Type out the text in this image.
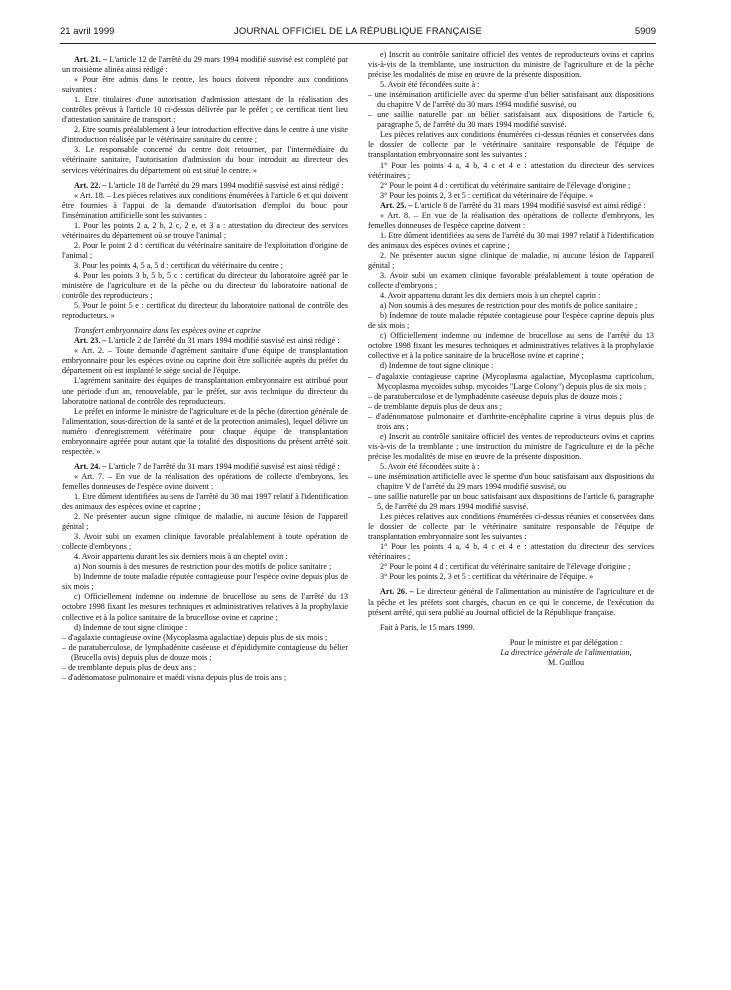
21 avril 1999	JOURNAL OFFICIEL DE LA RÉPUBLIQUE FRANÇAISE	5909

Art. 21. – L'article 12 de l'arrêté du 29 mars 1994 modifié susvisé est complété par un troisième alinéa ainsi rédigé :

« Pour être admis dans le centre, les boucs doivent répondre aux conditions suivantes :

1. Etre titulaires d'une autorisation d'admission attestant de la réalisation des contrôles prévus à l'article 10 ci-dessus délivrée par le préfet ; ce certificat tient lieu d'attestation sanitaire de transport ;

2. Etre soumis préalablement à leur introduction effective dans le centre à une visite d'introduction réalisée par le vétérinaire sanitaire du centre ;

3. Le responsable concerné du centre doit retourner, par l'intermédiaire du vétérinaire sanitaire, l'autorisation d'admission du bouc introduit au directeur des services vétérinaires du département où est situé le centre. »

Art. 22. – L'article 18 de l'arrêté du 29 mars 1994 modifié susvisé est ainsi rédigé :

« Art. 18. – Les pièces relatives aux conditions énumérées à l'article 6 et qui doivent être fournies à l'appui de la demande d'autorisation d'emploi du bouc pour l'insémination artificielle sont les suivantes :

1. Pour les points 2 a, 2 b, 2 c, 2 e, et 3 a : attestation du directeur des services vétérinaires du département où se trouve l'animal ;

2. Pour le point 2 d : certificat du vétérinaire sanitaire de l'exploitation d'origine de l'animal ;

3. Pour les points 4, 5 a, 5 d : certificat du vétérinaire du centre ;

4. Pour les points 3 b, 5 b, 5 c : certificat du directeur du laboratoire agréé par le ministère de l'agriculture et de la pêche ou du directeur du laboratoire national de contrôle des reproducteurs ;

5. Pour le point 5 e : certificat du directeur du laboratoire national de contrôle des reproducteurs. »

Transfert embryonnaire dans les espèces ovine et caprine

Art. 23. – L'article 2 de l'arrêté du 31 mars 1994 modifié susvisé est ainsi rédigé :

« Art. 2. – Toute demande d'agrément sanitaire d'une équipe de transplantation embryonnaire pour les espèces ovine ou caprine doit être sollicitée auprès du préfet du département où est implanté le siège social de l'équipe.

L'agrément sanitaire des équipes de transplantation embryonnaire est attribué pour une période d'un an, renouvelable, par le préfet, sur avis technique du directeur du laboratoire national de contrôle des reproducteurs.

Le préfet en informe le ministre de l'agriculture et de la pêche (direction générale de l'alimentation, sous-direction de la santé et de la protection animales), lequel délivre un numéro d'enregistrement vétérinaire pour chaque équipe de transplantation embryonnaire agréée pour autant que la totalité des dispositions du présent arrêté soit respectée. »

Art. 24. – L'article 7 de l'arrêté du 31 mars 1994 modifié susvisé est ainsi rédigé :

« Art. 7. – En vue de la réalisation des opérations de collecte d'embryons, les femelles donneuses de l'espèce ovine doivent :

1. Etre dûment identifiées au sens de l'arrêté du 30 mai 1997 relatif à l'identification des animaux des espèces ovine et caprine ;

2. Ne présenter aucun signe clinique de maladie, ni aucune lésion de l'appareil génital ;

3. Avoir subi un examen clinique favorable préalablement à toute opération de collecte d'embryons ;

4. Avoir appartenu durant les six derniers mois à un cheptel ovin :

a) Non soumis à des mesures de restriction pour des motifs de police sanitaire ;

b) Indemne de toute maladie réputée contagieuse pour l'espèce ovine depuis plus de six mois ;

c) Officiellement indemne ou indemne de brucellose au sens de l'arrêté du 13 octobre 1998 fixant les mesures techniques et administratives relatives à la prophylaxie collective et à la police sanitaire de la brucellose ovine et caprine ;

d) Indemne de tout signe clinique :

– d'agalaxie contagieuse ovine (Mycoplasma agalactiae) depuis plus de six mois ;

– de paratuberculose, de lymphadénite caséeuse et d'épididymite contagieuse du bélier (Brucella ovis) depuis plus de douze mois ;

– de tremblante depuis plus de deux ans ;

– d'adénomatose pulmonaire et maëdi visna depuis plus de trois ans ;

e) Inscrit au contrôle sanitaire officiel des ventes de reproducteurs ovins et caprins vis-à-vis de la tremblante, une instruction du ministre de l'agriculture et de la pêche précise les modalités de mise en œuvre de la présente disposition.

5. Avoir été fécondées suite à :

– une insémination artificielle avec du sperme d'un bélier satisfaisant aux dispositions du chapitre V de l'arrêté du 30 mars 1994 modifié susvisé, ou

– une saillie naturelle par un bélier satisfaisant aux dispositions de l'article 6, paragraphe 5, de l'arrêté du 30 mars 1994 modifié susvisé.

Les pièces relatives aux conditions énumérées ci-dessus réunies et conservées dans le dossier de collecte par le vétérinaire sanitaire responsable de l'équipe de transplantation embryonnaire sont les suivantes :

1° Pour les points 4 a, 4 b, 4 c et 4 e : attestation du directeur des services vétérinaires ;

2° Pour le point 4 d : certificat du vétérinaire sanitaire de l'élevage d'origine ;

3° Pour les points 2, 3 et 5 : certificat du vétérinaire de l'équipe. »

Art. 25. – L'article 8 de l'arrêté du 31 mars 1994 modifié susvisé est ainsi rédigé :

« Art. 8. – En vue de la réalisation des opérations de collecte d'embryons, les femelles donneuses de l'espèce caprine doivent :

1. Etre dûment identifiées au sens de l'arrêté du 30 mai 1997 relatif à l'identification des animaux des espèces ovines et caprine ;

2. Ne présenter aucun signe clinique de maladie, ni aucune lésion de l'appareil génital ;

3. Avoir subi un examen clinique favorable préalablement à toute opération de collecte d'embryons ;

4. Avoir appartenu durant les dix derniers mois à un cheptel caprin :

a) Non soumis à des mesures de restriction pour des motifs de police sanitaire ;

b) Indemne de toute maladie réputée contagieuse pour l'espèce caprine depuis plus de six mois ;

c) Officiellement indemne ou indemne de brucellose au sens de l'arrêté du 13 octobre 1998 fixant les mesures techniques et administratives relatives à la prophylaxie collective et à la police sanitaire de la brucellose ovine et caprine ;

d) Indemne de tout signe clinique :

– d'agalaxie contagieuse caprine (Mycoplasma agalactiae, Mycoplasma capricolum, Mycoplasma mycoïdes subsp. mycoides "Large Colony") depuis plus de six mois ;

– de paratuberculose et de lymphadénite caséeuse depuis plus de douze mois ;

– de tremblante depuis plus de deux ans ;

– d'adénomatose pulmonaire et d'arthrite-encéphalite caprine à virus depuis plus de trois ans ;

e) Inscrit au contrôle sanitaire officiel des ventes de reproducteurs ovins et caprins vis-à-vis de la tremblante ; une instruction du ministre de l'agriculture et de la pêche précise les modalités de mise en œuvre de la présente disposition.

5. Avoir été fécondées suite à :

– une insémination artificielle avec le sperme d'un bouc satisfaisant aux dispositions du chapitre V de l'arrêté du 29 mars 1994 modifié susvisé, ou

– une saillie naturelle par un bouc satisfaisant aux dispositions de l'article 6, paragraphe 5, de l'arrêté du 29 mars 1994 modifié susvisé.

Les pièces relatives aux conditions énumérées ci-dessus réunies et conservées dans le dossier de collecte par le vétérinaire sanitaire responsable de l'équipe de transplantation embryonnaire sont les suivantes :

1° Pour les points 4 a, 4 b, 4 c et 4 e : attestation du directeur des services vétérinaires ;

2° Pour le point 4 d : certificat du vétérinaire sanitaire de l'élevage d'origine ;

3° Pour les points 2, 3 et 5 : certificat du vétérinaire de l'équipe. »

Art. 26. – Le directeur général de l'alimentation au ministère de l'agriculture et de la pêche et les préfets sont chargés, chacun en ce qui le concerne, de l'exécution du présent arrêté, qui sera publié au Journal officiel de la République française.

Fait à Paris, le 15 mars 1999.

Pour le ministre et par délégation :

La directrice générale de l'alimentation,

M. Guillou
